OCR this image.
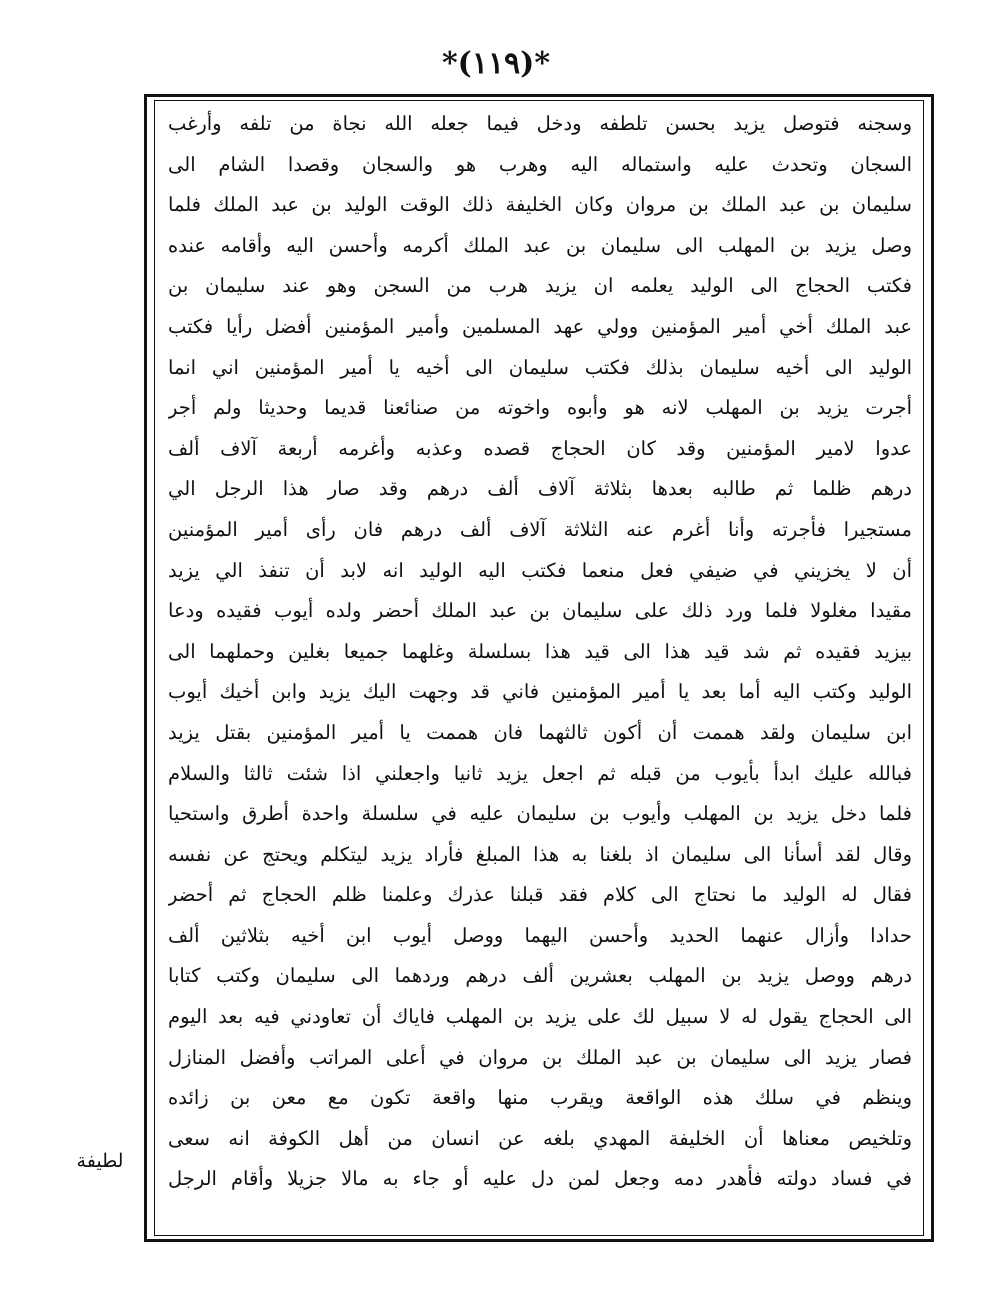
*(١١٩)*
وسجنه فتوصل يزيد بحسن تلطفه ودخل فيما جعله الله نجاة من تلفه وأرغب
السجان وتحدث عليه واستماله اليه وهرب هو والسجان وقصدا الشام الى
سليمان بن عبد الملك بن مروان وكان الخليفة ذلك الوقت الوليد بن عبد الملك فلما
وصل يزيد بن المهلب الى سليمان بن عبد الملك أكرمه وأحسن اليه وأقامه عنده
فكتب الحجاج الى الوليد يعلمه ان يزيد هرب من السجن وهو عند سليمان بن
عبد الملك أخي أمير المؤمنين وولي عهد المسلمين وأمير المؤمنين أفضل رأيا فكتب
الوليد الى أخيه سليمان بذلك فكتب سليمان الى أخيه يا أمير المؤمنين اني انما
أجرت يزيد بن المهلب لانه هو وأبوه واخوته من صنائعنا قديما وحديثا ولم أجر
عدوا لامير المؤمنين وقد كان الحجاج قصده وعذبه وأغرمه أربعة آلاف ألف
درهم ظلما ثم طالبه بعدها بثلاثة آلاف ألف درهم وقد صار هذا الرجل الي
مستجيرا فأجرته وأنا أغرم عنه الثلاثة آلاف ألف درهم فان رأى أمير المؤمنين
أن لا يخزيني في ضيفي فعل منعما فكتب اليه الوليد انه لابد أن تنفذ الي يزيد
مقيدا مغلولا فلما ورد ذلك على سليمان بن عبد الملك أحضر ولده أيوب فقيده ودعا
بيزيد فقيده ثم شد قيد هذا الى قيد هذا بسلسلة وغلهما جميعا بغلين وحملهما الى
الوليد وكتب اليه أما بعد يا أمير المؤمنين فاني قد وجهت اليك يزيد وابن أخيك أيوب
ابن سليمان ولقد هممت أن أكون ثالثهما فان هممت يا أمير المؤمنين بقتل يزيد
فبالله عليك ابدأ بأيوب من قبله ثم اجعل يزيد ثانيا واجعلني اذا شئت ثالثا والسلام
فلما دخل يزيد بن المهلب وأيوب بن سليمان عليه في سلسلة واحدة أطرق واستحيا
وقال لقد أسأنا الى سليمان اذ بلغنا به هذا المبلغ فأراد يزيد ليتكلم ويحتج عن نفسه
فقال له الوليد ما نحتاج الى كلام فقد قبلنا عذرك وعلمنا ظلم الحجاج ثم أحضر
حدادا وأزال عنهما الحديد وأحسن اليهما ووصل أيوب ابن أخيه بثلاثين ألف
درهم ووصل يزيد بن المهلب بعشرين ألف درهم وردهما الى سليمان وكتب كتابا
الى الحجاج يقول له لا سبيل لك على يزيد بن المهلب فاياك أن تعاودني فيه بعد اليوم
فصار يزيد الى سليمان بن عبد الملك بن مروان في أعلى المراتب وأفضل المنازل
وينظم في سلك هذه الواقعة ويقرب منها واقعة تكون مع معن بن زائده
وتلخيص معناها أن الخليفة المهدي بلغه عن انسان من أهل الكوفة انه سعى
في فساد دولته فأهدر دمه وجعل لمن دل عليه أو جاء به مالا جزيلا وأقام الرجل
لطيفة
